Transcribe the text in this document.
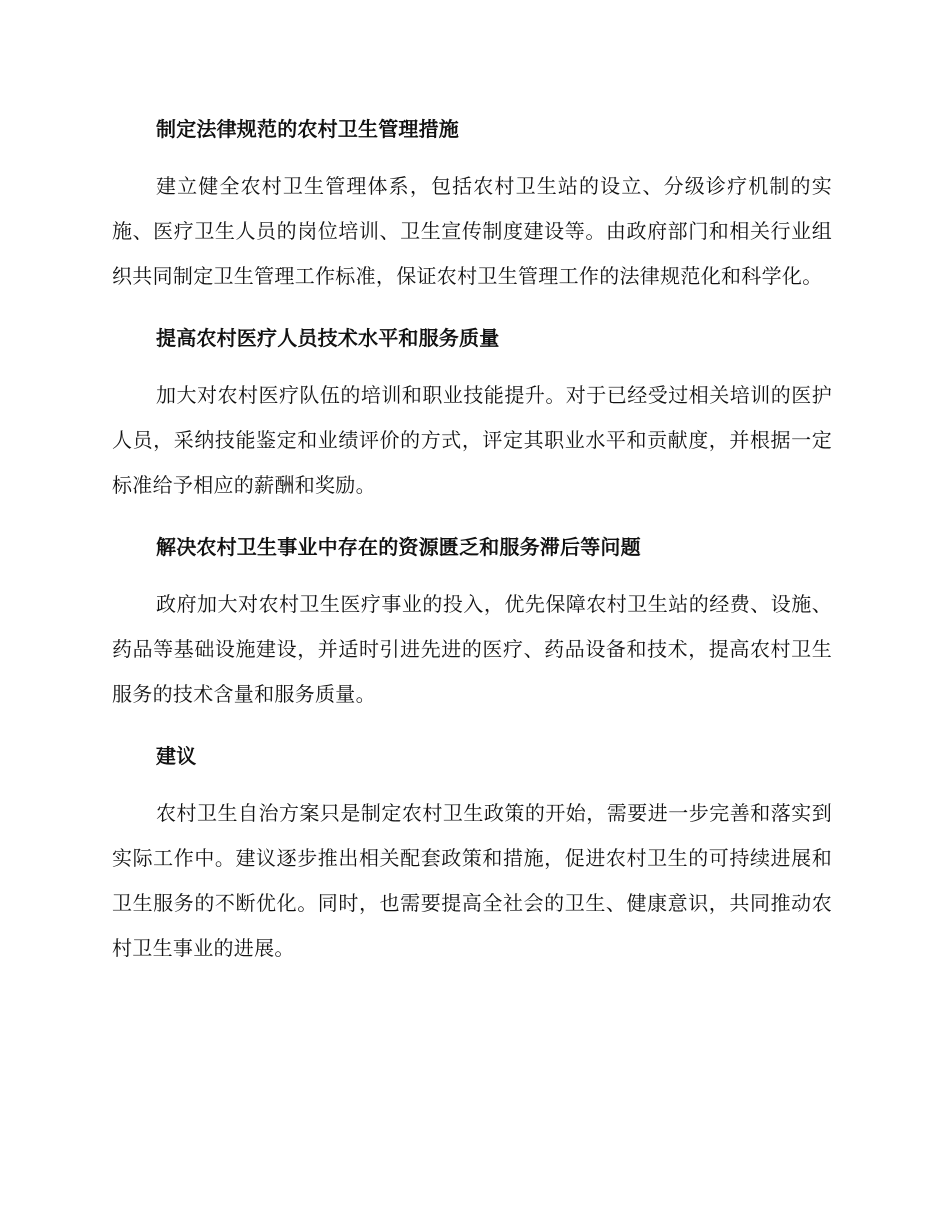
制定法律规范的农村卫生管理措施

建立健全农村卫生管理体系，包括农村卫生站的设立、分级诊疗机制的实施、医疗卫生人员的岗位培训、卫生宣传制度建设等。由政府部门和相关行业组织共同制定卫生管理工作标准，保证农村卫生管理工作的法律规范化和科学化。

提高农村医疗人员技术水平和服务质量

加大对农村医疗队伍的培训和职业技能提升。对于已经受过相关培训的医护人员，采纳技能鉴定和业绩评价的方式，评定其职业水平和贡献度，并根据一定标准给予相应的薪酬和奖励。

解决农村卫生事业中存在的资源匮乏和服务滞后等问题

政府加大对农村卫生医疗事业的投入，优先保障农村卫生站的经费、设施、药品等基础设施建设，并适时引进先进的医疗、药品设备和技术，提高农村卫生服务的技术含量和服务质量。

建议

农村卫生自治方案只是制定农村卫生政策的开始，需要进一步完善和落实到实际工作中。建议逐步推出相关配套政策和措施，促进农村卫生的可持续进展和卫生服务的不断优化。同时，也需要提高全社会的卫生、健康意识，共同推动农村卫生事业的进展。
